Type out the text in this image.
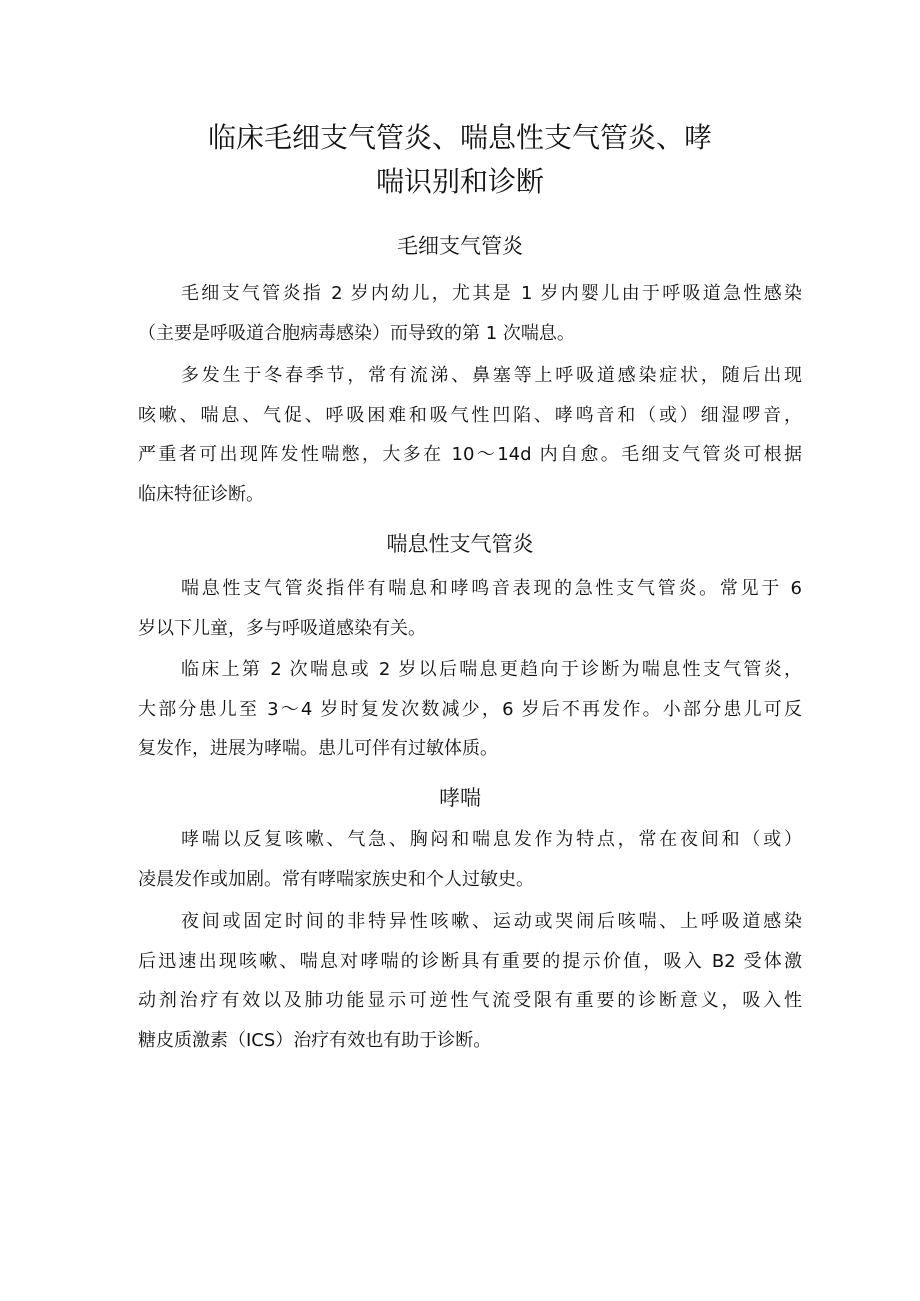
临床毛细支气管炎、喘息性支气管炎、哮
喘识别和诊断
毛细支气管炎
毛细支气管炎指 2 岁内幼儿，尤其是 1 岁内婴儿由于呼吸道急性感染
（主要是呼吸道合胞病毒感染）而导致的第 1 次喘息。
多发生于冬春季节，常有流涕、鼻塞等上呼吸道感染症状，随后出现
咳嗽、喘息、气促、呼吸困难和吸气性凹陷、哮鸣音和（或）细湿啰音，
严重者可出现阵发性喘憋，大多在 10～14d 内自愈。毛细支气管炎可根据
临床特征诊断。
喘息性支气管炎
喘息性支气管炎指伴有喘息和哮鸣音表现的急性支气管炎。常见于 6
岁以下儿童，多与呼吸道感染有关。
临床上第 2 次喘息或 2 岁以后喘息更趋向于诊断为喘息性支气管炎，
大部分患儿至 3～4 岁时复发次数减少，6 岁后不再发作。小部分患儿可反
复发作，进展为哮喘。患儿可伴有过敏体质。
哮喘
哮喘以反复咳嗽、气急、胸闷和喘息发作为特点，常在夜间和（或）
凌晨发作或加剧。常有哮喘家族史和个人过敏史。
夜间或固定时间的非特异性咳嗽、运动或哭闹后咳喘、上呼吸道感染
后迅速出现咳嗽、喘息对哮喘的诊断具有重要的提示价值，吸入 B2 受体激
动剂治疗有效以及肺功能显示可逆性气流受限有重要的诊断意义，吸入性
糖皮质激素（ICS）治疗有效也有助于诊断。
